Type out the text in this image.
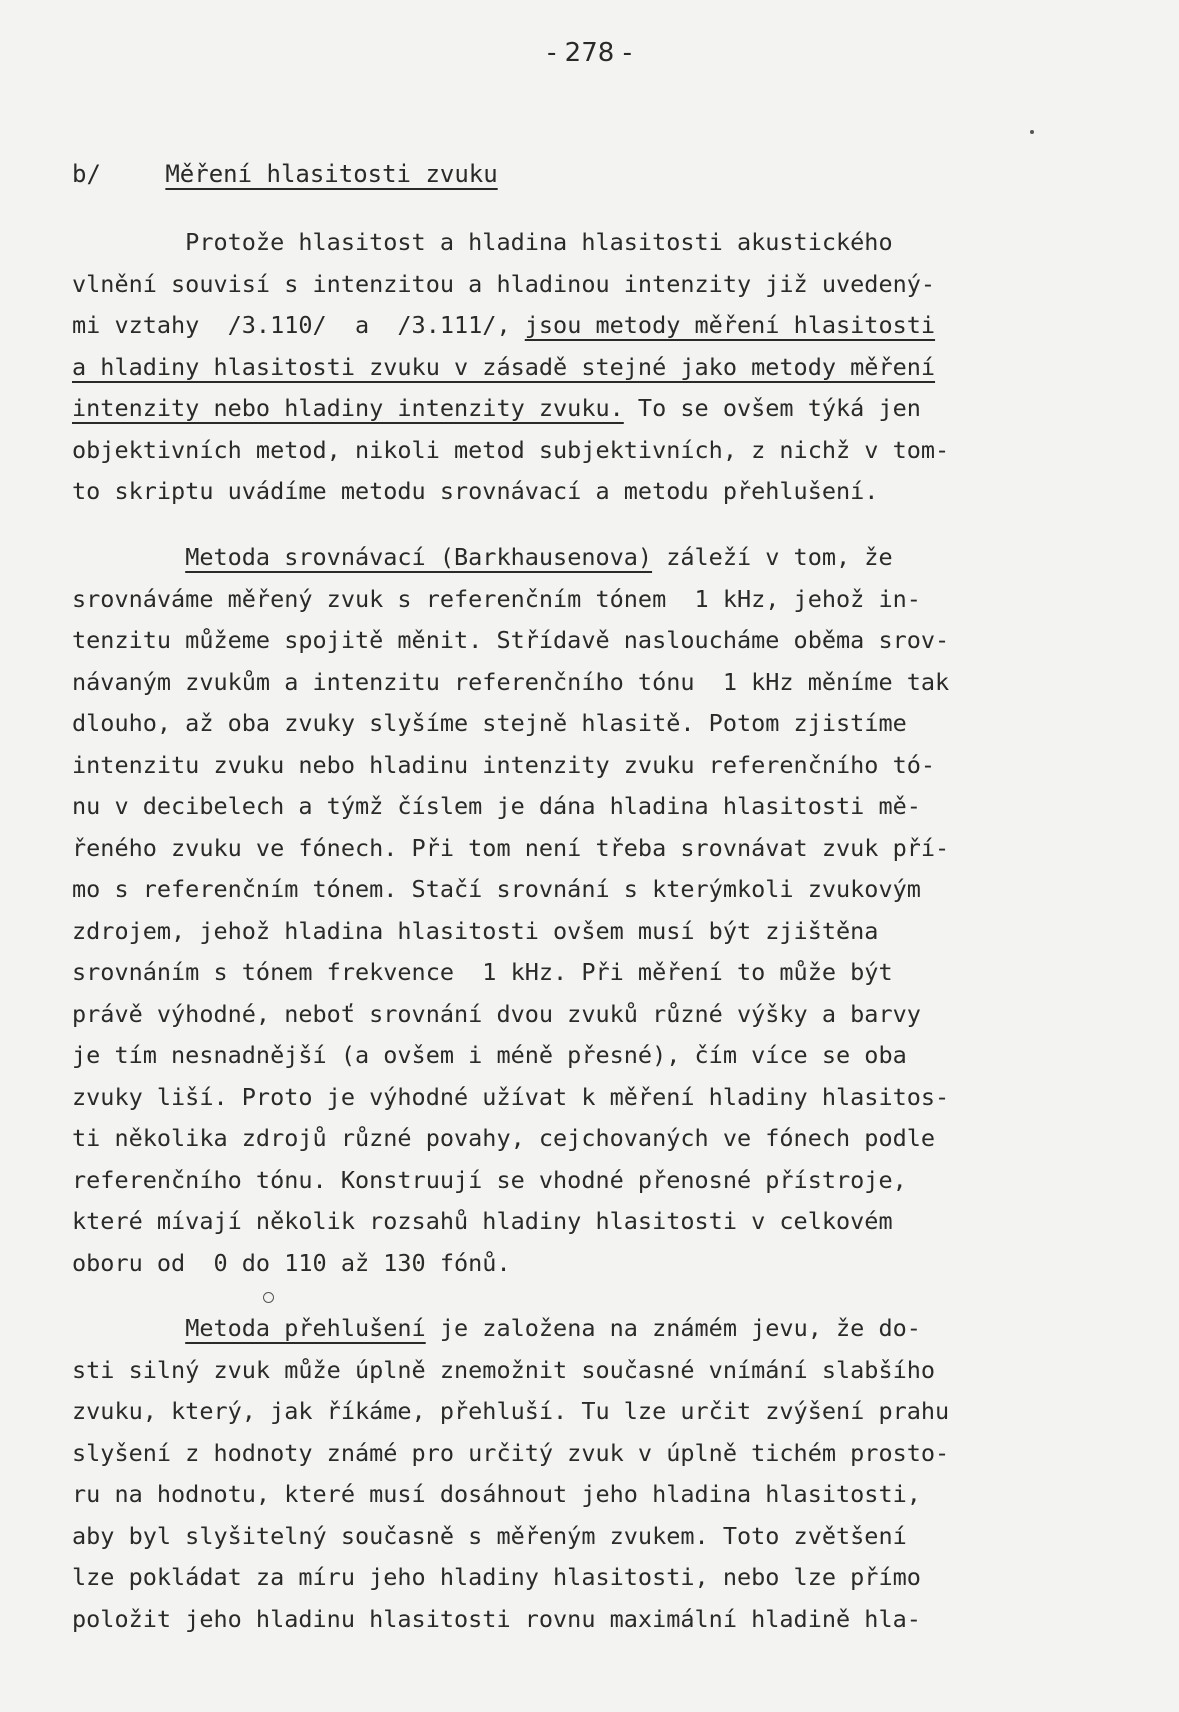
- 278 -
b/	Měření hlasitosti zvuku
Protože hlasitost a hladina hlasitosti akustického
vlnění souvisí s intenzitou a hladinou intenzity již uvedený-
mi vztahy  /3.110/  a  /3.111/, jsou metody měření hlasitosti
a hladiny hlasitosti zvuku v zásadě stejné jako metody měření
intenzity nebo hladiny intenzity zvuku. To se ovšem týká jen
objektivních metod, nikoli metod subjektivních, z nichž v tom-
to skriptu uvádíme metodu srovnávací a metodu přehlušení.
Metoda srovnávací (Barkhausenova) záleží v tom, že
srovnáváme měřený zvuk s referenčním tónem  1 kHz, jehož in-
tenzitu můžeme spojitě měnit. Střídavě nasloucháme oběma srov-
návaným zvukům a intenzitu referenčního tónu  1 kHz měníme tak
dlouho, až oba zvuky slyšíme stejně hlasitě. Potom zjistíme
intenzitu zvuku nebo hladinu intenzity zvuku referenčního tó-
nu v decibelech a týmž číslem je dána hladina hlasitosti mě-
řeného zvuku ve fónech. Při tom není třeba srovnávat zvuk pří-
mo s referenčním tónem. Stačí srovnání s kterýmkoli zvukovým
zdrojem, jehož hladina hlasitosti ovšem musí být zjištěna
srovnáním s tónem frekvence  1 kHz. Při měření to může být
právě výhodné, neboť srovnání dvou zvuků různé výšky a barvy
je tím nesnadnější (a ovšem i méně přesné), čím více se oba
zvuky liší. Proto je výhodné užívat k měření hladiny hlasitos-
ti několika zdrojů různé povahy, cejchovaných ve fónech podle
referenčního tónu. Konstruují se vhodné přenosné přístroje,
které mívají několik rozsahů hladiny hlasitosti v celkovém
oboru od  0 do 110 až 130 fónů.
Metoda přehlušení je založena na známém jevu, že do-
sti silný zvuk může úplně znemožnit současné vnímání slabšího
zvuku, který, jak říkáme, přehluší. Tu lze určit zvýšení prahu
slyšení z hodnoty známé pro určitý zvuk v úplně tichém prosto-
ru na hodnotu, které musí dosáhnout jeho hladina hlasitosti,
aby byl slyšitelný současně s měřeným zvukem. Toto zvětšení
lze pokládat za míru jeho hladiny hlasitosti, nebo lze přímo
položit jeho hladinu hlasitosti rovnu maximální hladině hla-
